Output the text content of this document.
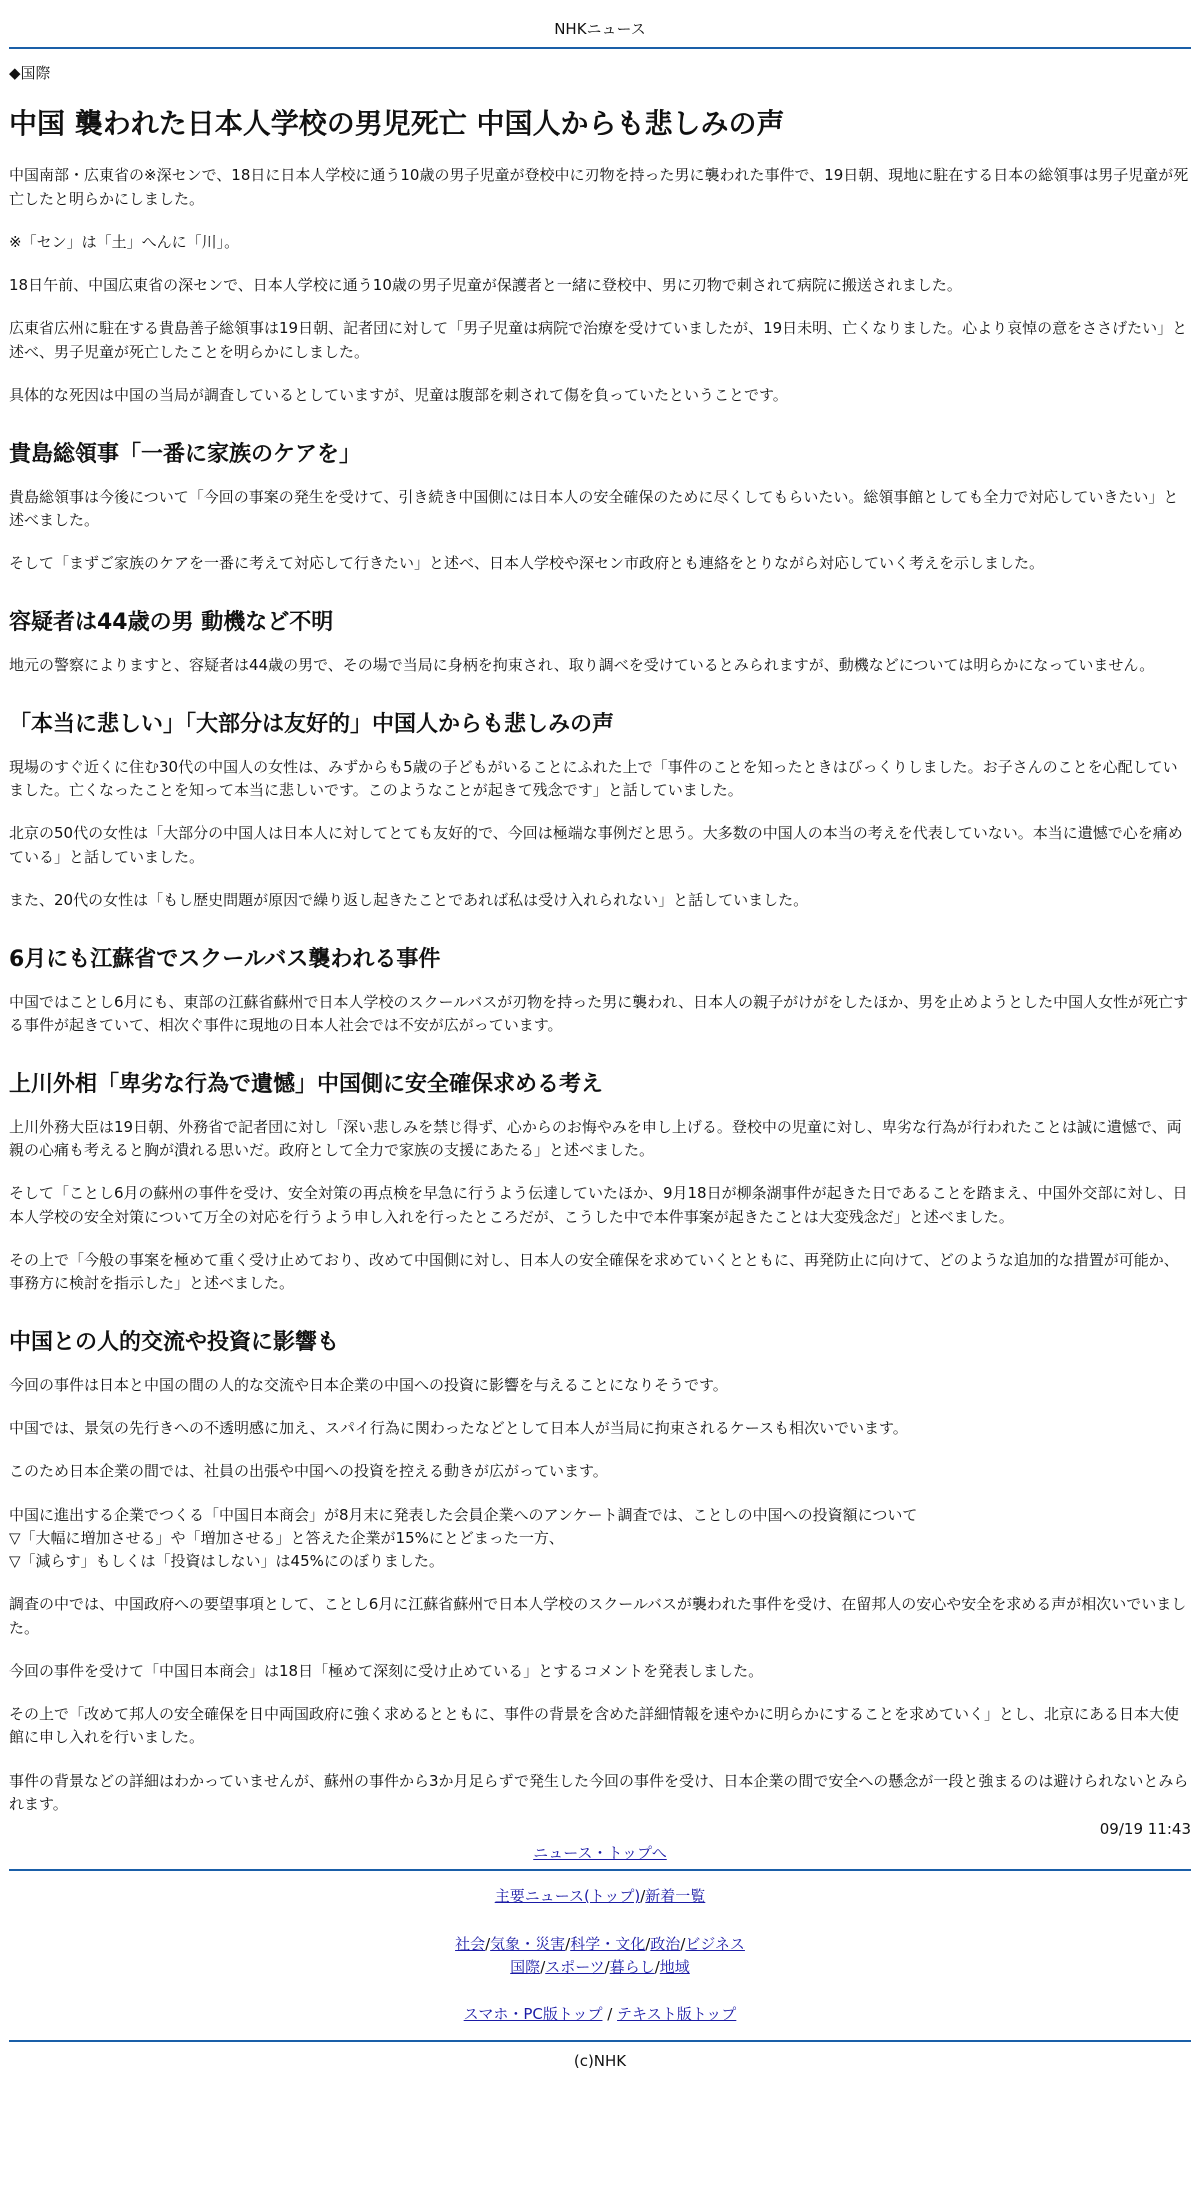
NHKニュース
◆国際
中国 襲われた日本人学校の男児死亡 中国人からも悲しみの声

中国南部・広東省の※深センで、18日に日本人学校に通う10歳の男子児童が登校中に刃物を持った男に襲われた事件で、19日朝、現地に駐在する日本の総領事は男子児童が死亡したと明らかにしました。

※「セン」は「土」へんに「川」。

18日午前、中国広東省の深センで、日本人学校に通う10歳の男子児童が保護者と一緒に登校中、男に刃物で刺されて病院に搬送されました。

広東省広州に駐在する貴島善子総領事は19日朝、記者団に対して「男子児童は病院で治療を受けていましたが、19日未明、亡くなりました。心より哀悼の意をささげたい」と述べ、男子児童が死亡したことを明らかにしました。

具体的な死因は中国の当局が調査しているとしていますが、児童は腹部を刺されて傷を負っていたということです。

貴島総領事「一番に家族のケアを」

貴島総領事は今後について「今回の事案の発生を受けて、引き続き中国側には日本人の安全確保のために尽くしてもらいたい。総領事館としても全力で対応していきたい」と述べました。

そして「まずご家族のケアを一番に考えて対応して行きたい」と述べ、日本人学校や深セン市政府とも連絡をとりながら対応していく考えを示しました。

容疑者は44歳の男 動機など不明

地元の警察によりますと、容疑者は44歳の男で、その場で当局に身柄を拘束され、取り調べを受けているとみられますが、動機などについては明らかになっていません。

「本当に悲しい」「大部分は友好的」中国人からも悲しみの声

現場のすぐ近くに住む30代の中国人の女性は、みずからも5歳の子どもがいることにふれた上で「事件のことを知ったときはびっくりしました。お子さんのことを心配していました。亡くなったことを知って本当に悲しいです。このようなことが起きて残念です」と話していました。

北京の50代の女性は「大部分の中国人は日本人に対してとても友好的で、今回は極端な事例だと思う。大多数の中国人の本当の考えを代表していない。本当に遺憾で心を痛めている」と話していました。

また、20代の女性は「もし歴史問題が原因で繰り返し起きたことであれば私は受け入れられない」と話していました。

6月にも江蘇省でスクールバス襲われる事件

中国ではことし6月にも、東部の江蘇省蘇州で日本人学校のスクールバスが刃物を持った男に襲われ、日本人の親子がけがをしたほか、男を止めようとした中国人女性が死亡する事件が起きていて、相次ぐ事件に現地の日本人社会では不安が広がっています。

上川外相「卑劣な行為で遺憾」中国側に安全確保求める考え

上川外務大臣は19日朝、外務省で記者団に対し「深い悲しみを禁じ得ず、心からのお悔やみを申し上げる。登校中の児童に対し、卑劣な行為が行われたことは誠に遺憾で、両親の心痛も考えると胸が潰れる思いだ。政府として全力で家族の支援にあたる」と述べました。

そして「ことし6月の蘇州の事件を受け、安全対策の再点検を早急に行うよう伝達していたほか、9月18日が柳条湖事件が起きた日であることを踏まえ、中国外交部に対し、日本人学校の安全対策について万全の対応を行うよう申し入れを行ったところだが、こうした中で本件事案が起きたことは大変残念だ」と述べました。

その上で「今般の事案を極めて重く受け止めており、改めて中国側に対し、日本人の安全確保を求めていくとともに、再発防止に向けて、どのような追加的な措置が可能か、事務方に検討を指示した」と述べました。

中国との人的交流や投資に影響も

今回の事件は日本と中国の間の人的な交流や日本企業の中国への投資に影響を与えることになりそうです。

中国では、景気の先行きへの不透明感に加え、スパイ行為に関わったなどとして日本人が当局に拘束されるケースも相次いでいます。

このため日本企業の間では、社員の出張や中国への投資を控える動きが広がっています。

中国に進出する企業でつくる「中国日本商会」が8月末に発表した会員企業へのアンケート調査では、ことしの中国への投資額について
▽「大幅に増加させる」や「増加させる」と答えた企業が15%にとどまった一方、
▽「減らす」もしくは「投資はしない」は45%にのぼりました。

調査の中では、中国政府への要望事項として、ことし6月に江蘇省蘇州で日本人学校のスクールバスが襲われた事件を受け、在留邦人の安心や安全を求める声が相次いでいました。

今回の事件を受けて「中国日本商会」は18日「極めて深刻に受け止めている」とするコメントを発表しました。

その上で「改めて邦人の安全確保を日中両国政府に強く求めるとともに、事件の背景を含めた詳細情報を速やかに明らかにすることを求めていく」とし、北京にある日本大使館に申し入れを行いました。

事件の背景などの詳細はわかっていませんが、蘇州の事件から3か月足らずで発生した今回の事件を受け、日本企業の間で安全への懸念が一段と強まるのは避けられないとみられます。

09/19 11:43
ニュース・トップへ
主要ニュース(トップ)/新着一覧
社会/気象・災害/科学・文化/政治/ビジネス
国際/スポーツ/暮らし/地域
スマホ・PC版トップ / テキスト版トップ
(c)NHK
